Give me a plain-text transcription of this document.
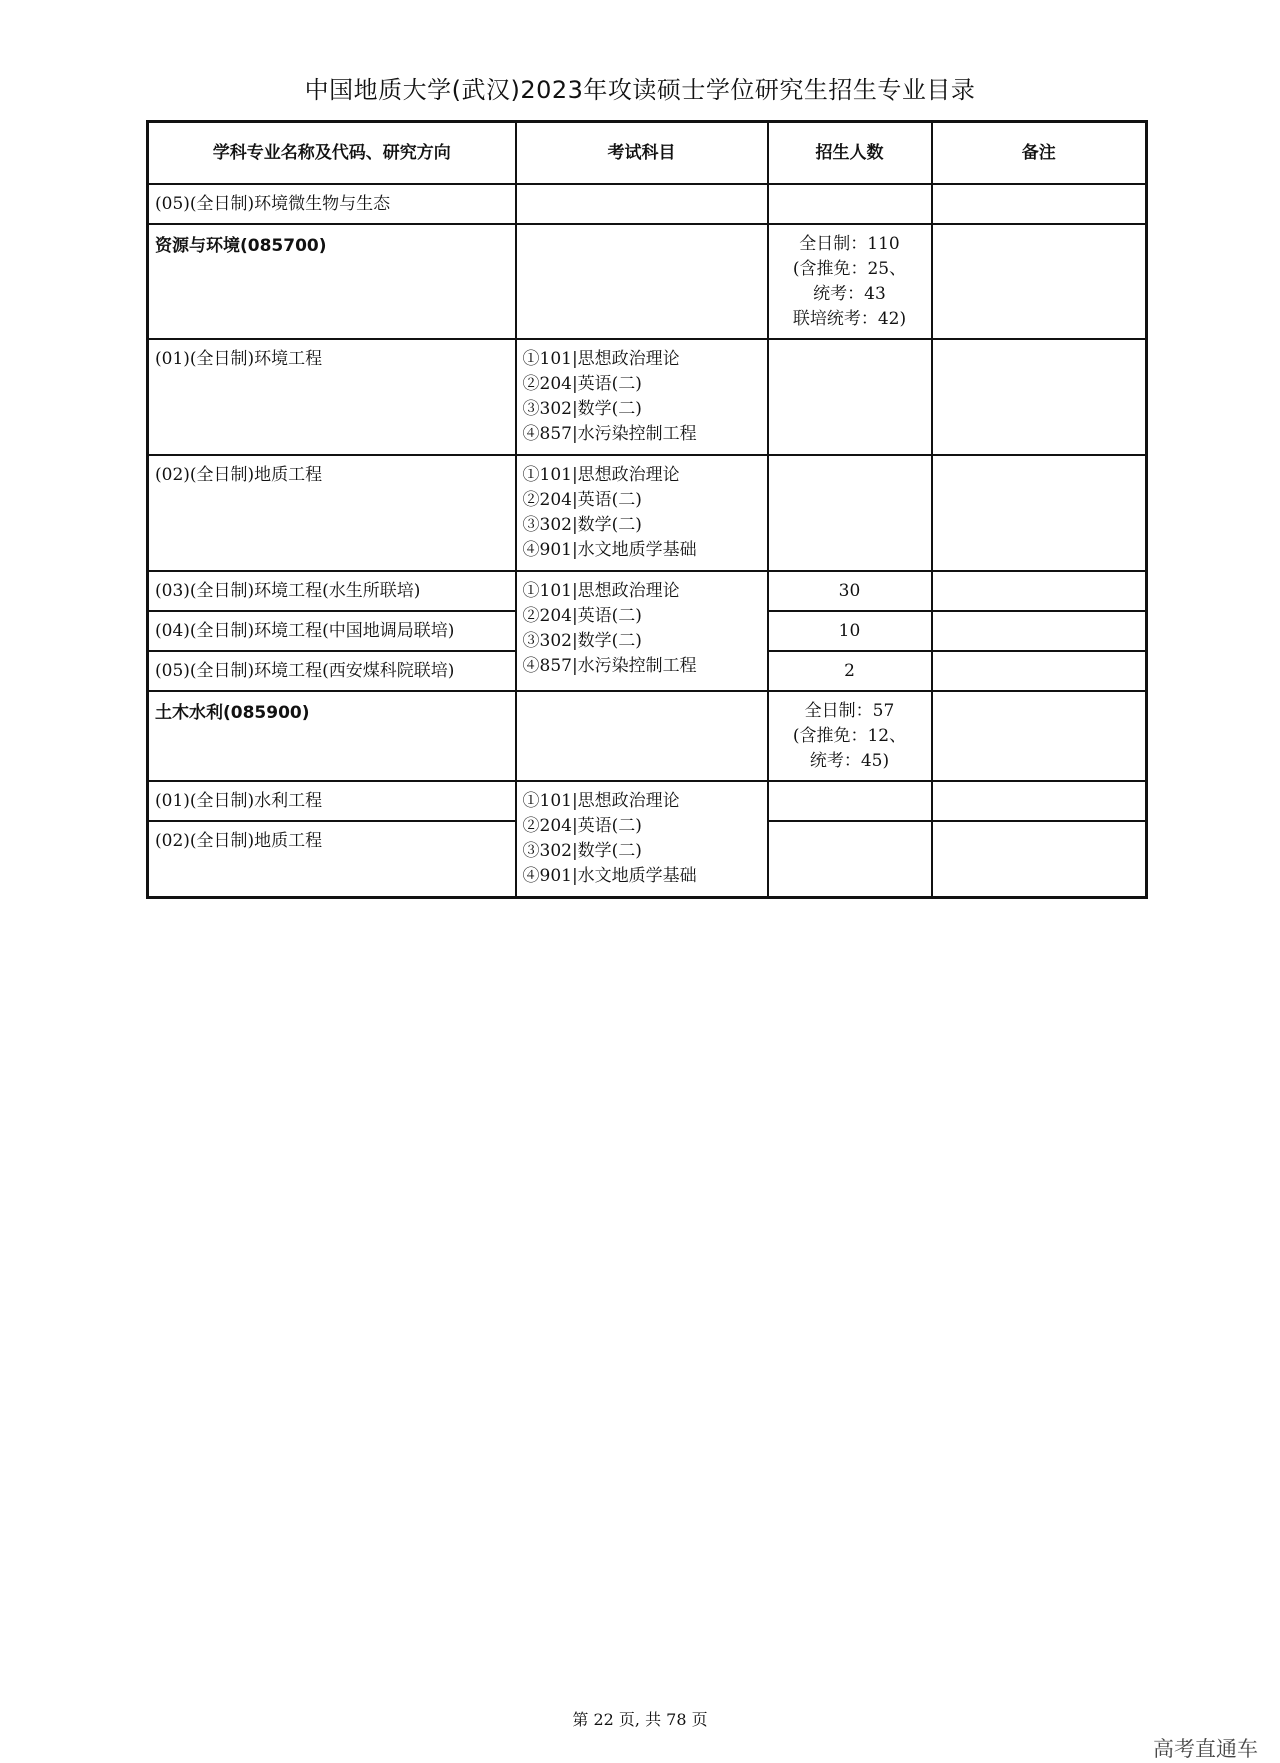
中国地质大学(武汉)2023年攻读硕士学位研究生招生专业目录
学科专业名称及代码、研究方向	考试科目	招生人数	备注
(05)(全日制)环境微生物与生态			
资源与环境(085700)		全日制：110
(含推免：25、
统考：43
联培统考：42)	

(01)(全日制)环境工程	①101|思想政治理论
②204|英语(二)
③302|数学(二)
④857|水污染控制工程		

(02)(全日制)地质工程	①101|思想政治理论
②204|英语(二)
③302|数学(二)
④901|水文地质学基础		

(03)(全日制)环境工程(水生所联培)	①101|思想政治理论
②204|英语(二)
③302|数学(二)
④857|水污染控制工程	30	
(04)(全日制)环境工程(中国地调局联培)		10	
(05)(全日制)环境工程(西安煤科院联培)		2	
土木水利(085900)		全日制：57
(含推免：12、
统考：45)	

(01)(全日制)水利工程	①101|思想政治理论
②204|英语(二)
③302|数学(二)
④901|水文地质学基础		

(02)(全日制)地质工程			
第 22 页, 共 78 页
高考直通车
